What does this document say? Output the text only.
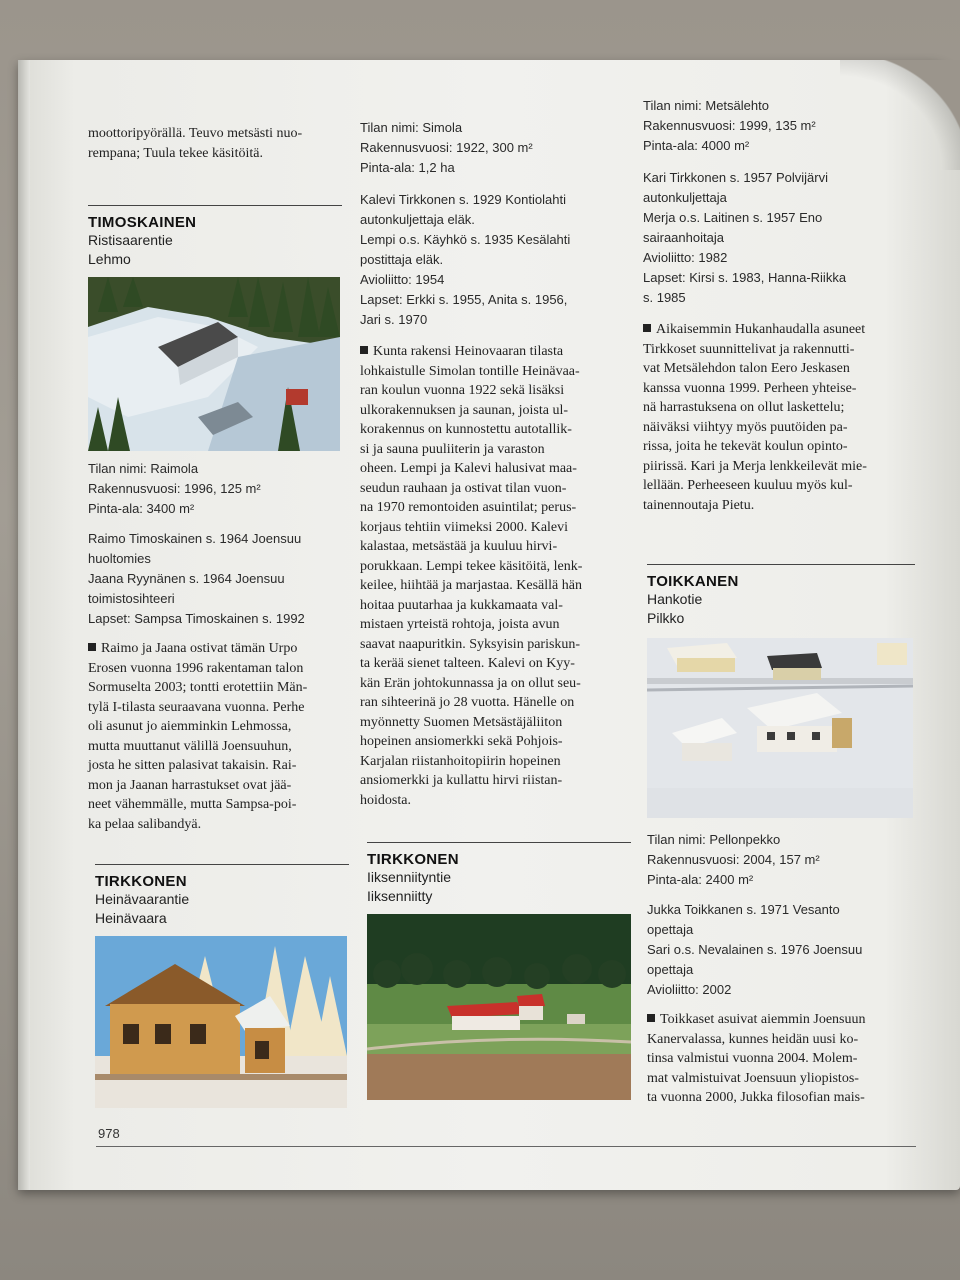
moottoripyörällä. Teuvo metsästi nuo-

rempana; Tuula tekee käsitöitä.

TIMOSKAINEN

Ristisaarentie

Lehmo

Tilan nimi: Raimola

Rakennusvuosi: 1996, 125 m²

Pinta-ala: 3400 m²

Raimo Timoskainen s. 1964 Joensuu

huoltomies

Jaana Ryynänen s. 1964 Joensuu

toimistosihteeri

Lapset: Sampsa Timoskainen s. 1992

Raimo ja Jaana ostivat tämän Urpo

Erosen vuonna 1996 rakentaman talon

Sormuselta 2003; tontti erotettiin Män-

tylä I-tilasta seuraavana vuonna. Perhe

oli asunut jo aiemminkin Lehmossa,

mutta muuttanut välillä Joensuuhun,

josta he sitten palasivat takaisin. Rai-

mon ja Jaanan harrastukset ovat jää-

neet vähemmälle, mutta Sampsa-poi-

ka pelaa salibandyä.

TIRKKONEN

Heinävaarantie

Heinävaara

Tilan nimi: Simola

Rakennusvuosi: 1922, 300 m²

Pinta-ala: 1,2 ha

Kalevi Tirkkonen s. 1929 Kontiolahti

autonkuljettaja eläk.

Lempi o.s. Käyhkö s. 1935 Kesälahti

postittaja eläk.

Avioliitto: 1954

Lapset: Erkki s. 1955, Anita s. 1956,

Jari s. 1970

Kunta rakensi Heinovaaran tilasta

lohkaistulle Simolan tontille Heinävaa-

ran koulun vuonna 1922 sekä lisäksi

ulkorakennuksen ja saunan, joista ul-

korakennus on kunnostettu autotallik-

si ja sauna puuliiterin ja varaston

oheen. Lempi ja Kalevi halusivat maa-

seudun rauhaan ja ostivat tilan vuon-

na 1970 remontoiden asuintilat; perus-

korjaus tehtiin viimeksi 2000. Kalevi

kalastaa, metsästää ja kuuluu hirvi-

porukkaan. Lempi tekee käsitöitä, lenk-

keilee, hiihtää ja marjastaa. Kesällä hän

hoitaa puutarhaa ja kukkamaata val-

mistaen yrteistä rohtoja, joista avun

saavat naapuritkin. Syksyisin pariskun-

ta kerää sienet talteen. Kalevi on Kyy-

kän Erän johtokunnassa ja on ollut seu-

ran sihteerinä jo 28 vuotta. Hänelle on

myönnetty Suomen Metsästäjäliiton

hopeinen ansiomerkki sekä Pohjois-

Karjalan riistanhoitopiirin hopeinen

ansiomerkki ja kullattu hirvi riistan-

hoidosta.

TIRKKONEN

Iiksenniityntie

Iiksenniitty

Tilan nimi: Metsälehto

Rakennusvuosi: 1999, 135 m²

Pinta-ala: 4000 m²

Kari Tirkkonen s. 1957 Polvijärvi

autonkuljettaja

Merja o.s. Laitinen s. 1957 Eno

sairaanhoitaja

Avioliitto: 1982

Lapset: Kirsi s. 1983, Hanna-Riikka

s. 1985

Aikaisemmin Hukanhaudalla asuneet

Tirkkoset suunnittelivat ja rakennutti-

vat Metsälehdon talon Eero Jeskasen

kanssa vuonna 1999. Perheen yhteise-

nä harrastuksena on ollut laskettelu;

näiväksi viihtyy myös puutöiden pa-

rissa, joita he tekevät koulun opinto-

piirissä. Kari ja Merja lenkkeilevät mie-

lellään. Perheeseen kuuluu myös kul-

tainennoutaja Pietu.

TOIKKANEN

Hankotie

Pilkko

Tilan nimi: Pellonpekko

Rakennusvuosi: 2004, 157 m²

Pinta-ala: 2400 m²

Jukka Toikkanen s. 1971 Vesanto

opettaja

Sari o.s. Nevalainen s. 1976 Joensuu

opettaja

Avioliitto: 2002

Toikkaset asuivat aiemmin Joensuun

Kanervalassa, kunnes heidän uusi ko-

tinsa valmistui vuonna 2004. Molem-

mat valmistuivat Joensuun yliopistos-

ta vuonna 2000, Jukka filosofian mais-

978
